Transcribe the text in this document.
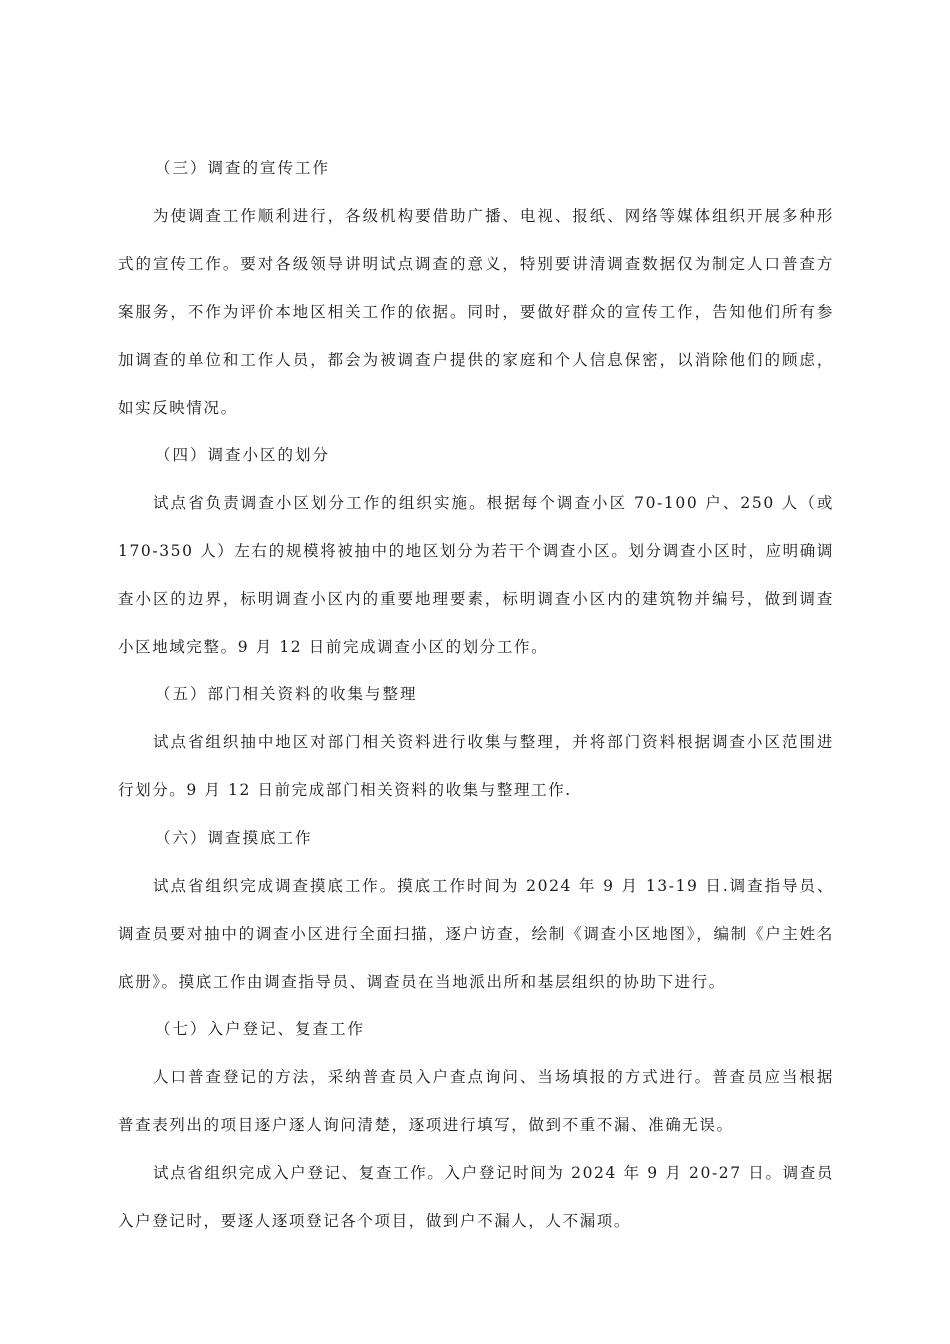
（三）调查的宣传工作

为使调查工作顺利进行，各级机构要借助广播、电视、报纸、网络等媒体组织开展多种形式的宣传工作。要对各级领导讲明试点调查的意义，特别要讲清调查数据仅为制定人口普查方案服务，不作为评价本地区相关工作的依据。同时，要做好群众的宣传工作，告知他们所有参加调查的单位和工作人员，都会为被调查户提供的家庭和个人信息保密，以消除他们的顾虑，如实反映情况。

（四）调查小区的划分

试点省负责调查小区划分工作的组织实施。根据每个调查小区 70-100 户、250 人（或 170-350 人）左右的规模将被抽中的地区划分为若干个调查小区。划分调查小区时，应明确调查小区的边界，标明调查小区内的重要地理要素，标明调查小区内的建筑物并编号，做到调查小区地域完整。9 月 12 日前完成调查小区的划分工作。

（五）部门相关资料的收集与整理

试点省组织抽中地区对部门相关资料进行收集与整理，并将部门资料根据调查小区范围进行划分。9 月 12 日前完成部门相关资料的收集与整理工作.

（六）调查摸底工作

试点省组织完成调查摸底工作。摸底工作时间为 2024 年 9 月 13-19 日.调查指导员、调查员要对抽中的调查小区进行全面扫描，逐户访查，绘制《调查小区地图》，编制《户主姓名底册》。摸底工作由调查指导员、调查员在当地派出所和基层组织的协助下进行。

（七）入户登记、复查工作

人口普查登记的方法，采纳普查员入户查点询问、当场填报的方式进行。普查员应当根据普查表列出的项目逐户逐人询问清楚，逐项进行填写，做到不重不漏、准确无误。

试点省组织完成入户登记、复查工作。入户登记时间为 2024 年 9 月 20-27 日。调查员入户登记时，要逐人逐项登记各个项目，做到户不漏人，人不漏项。
